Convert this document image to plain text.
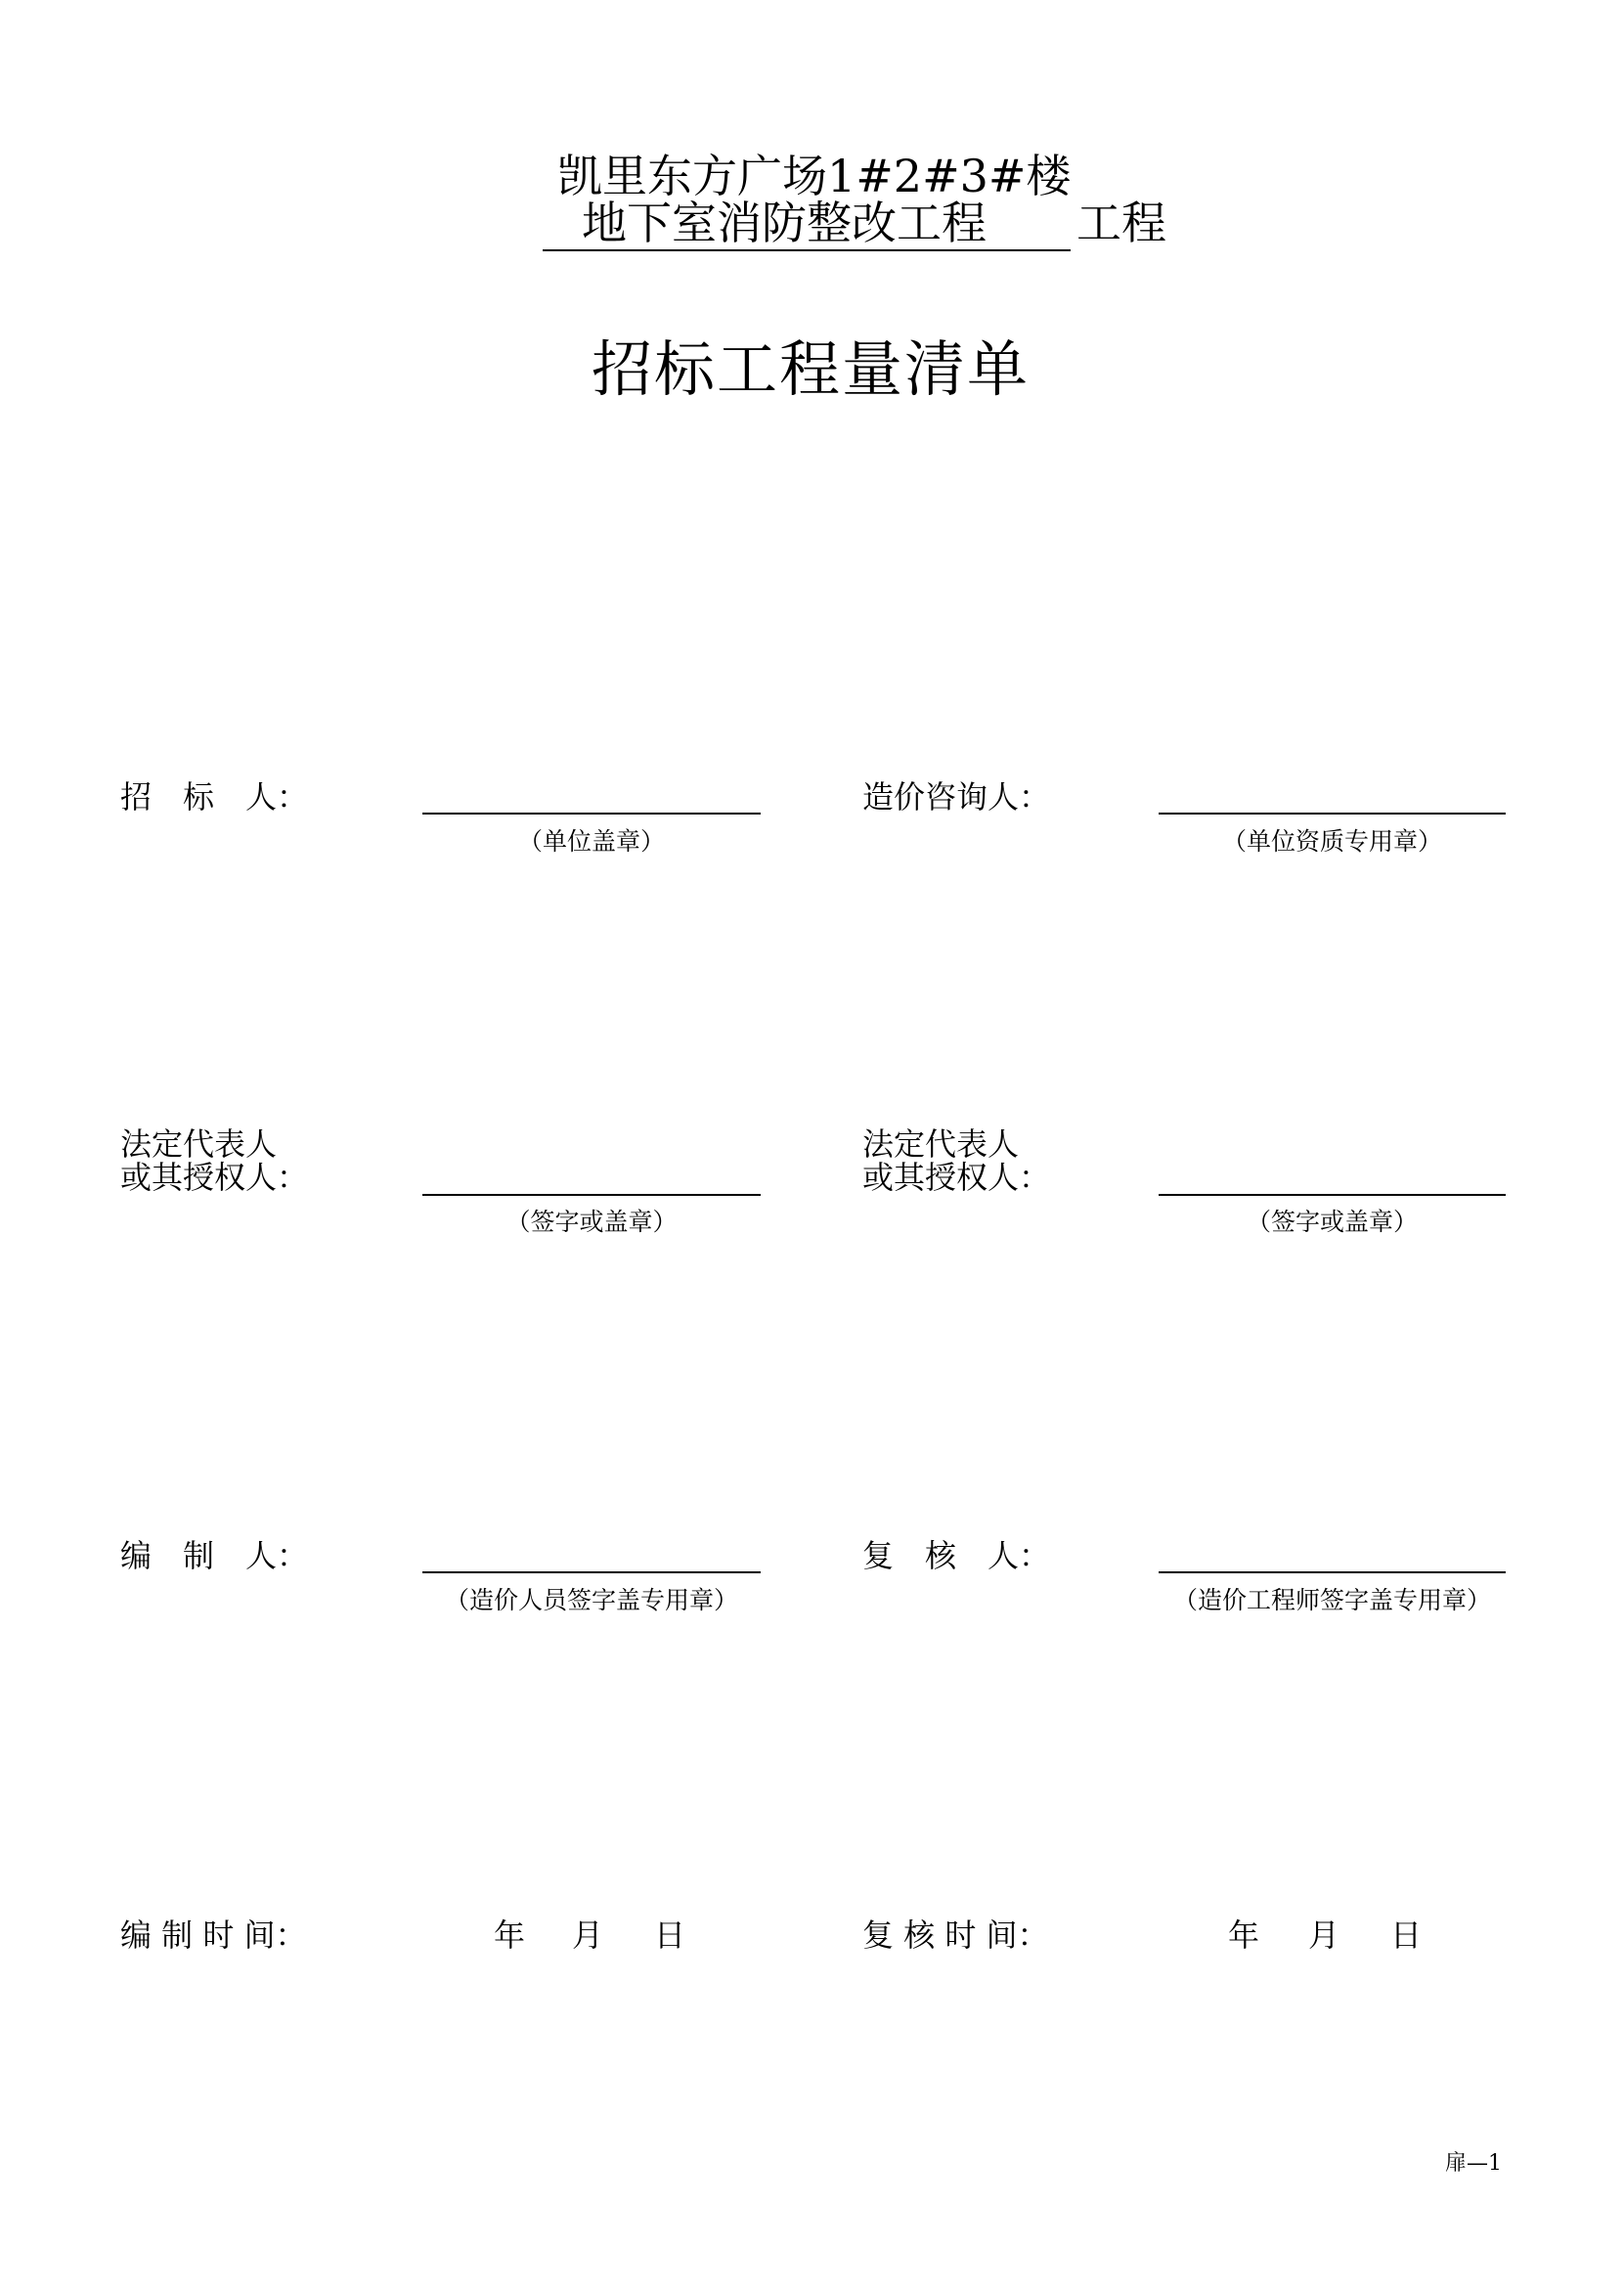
凯里东方广场1#2#3#楼
地下室消防整改工程 工程
招标工程量清单
招　标　人：
（单位盖章）
造价咨询人：
（单位资质专用章）
法定代表人
或其授权人：
（签字或盖章）
法定代表人
或其授权人：
（签字或盖章）
编　制　人：
（造价人员签字盖专用章）
复　核　人：
（造价工程师签字盖专用章）
编 制 时 间：	年 月 日	复 核 时 间：	年 月 日
扉—1
